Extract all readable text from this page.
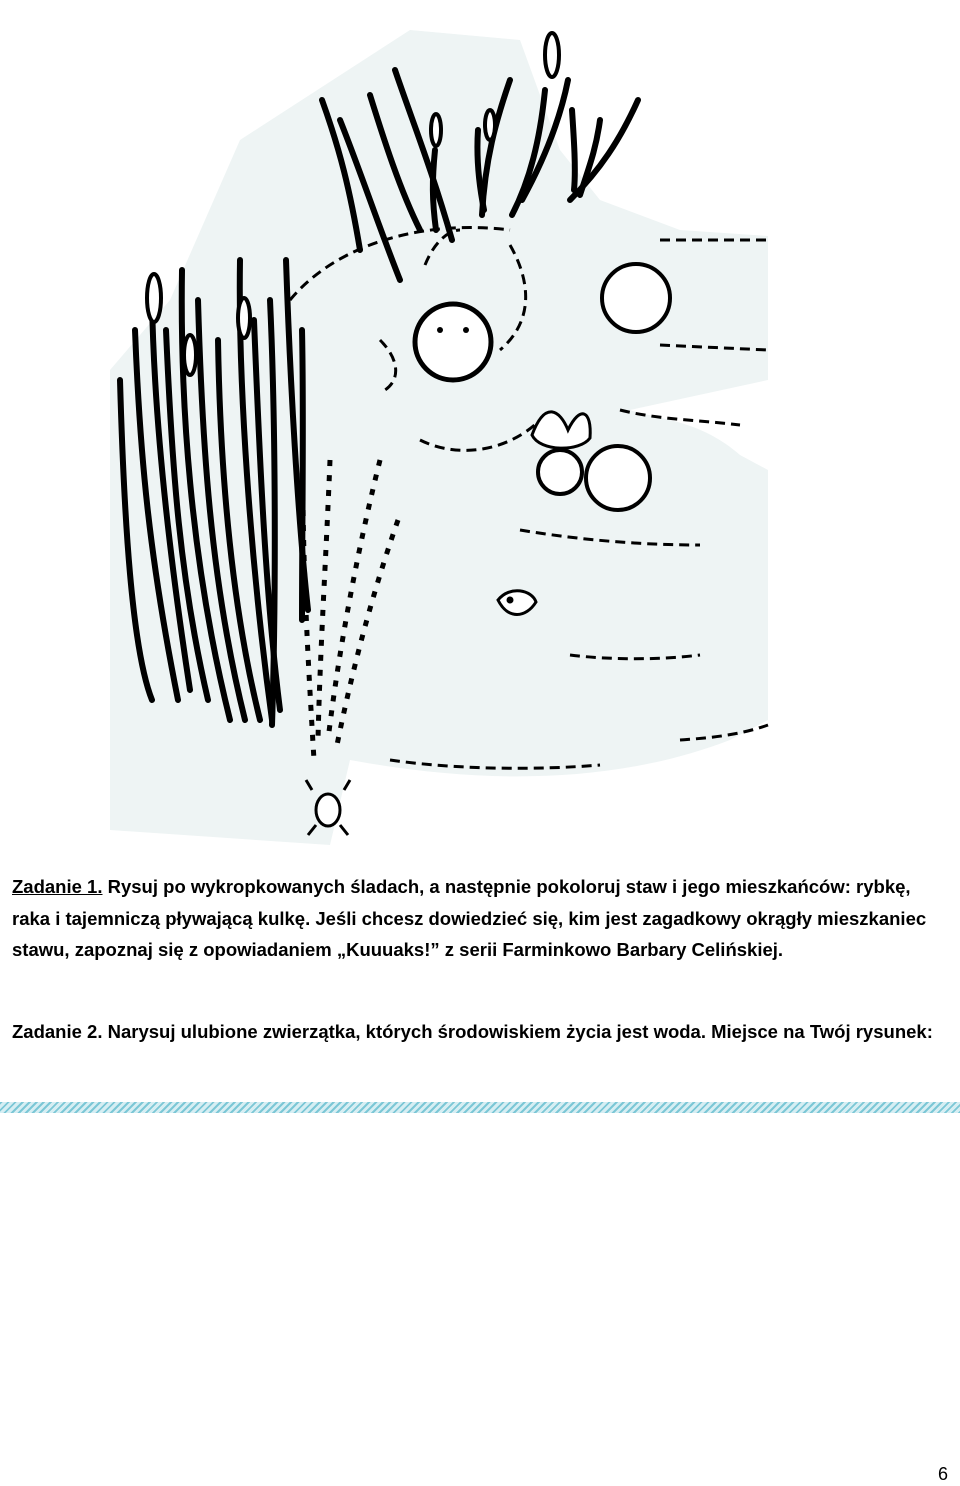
Zadanie 1. Rysuj po wykropkowanych śladach, a następnie pokoloruj staw i jego mieszkańców: rybkę, raka i tajemniczą pływającą kulkę. Jeśli chcesz dowiedzieć się, kim jest zagadkowy okrągły mieszkaniec stawu, zapoznaj się z opowiadaniem „Kuuuaks!” z serii Farminkowo Barbary Celińskiej.

Zadanie 2. Narysuj ulubione zwierzątka, których środowiskiem życia jest woda. Miejsce na Twój rysunek:

6
